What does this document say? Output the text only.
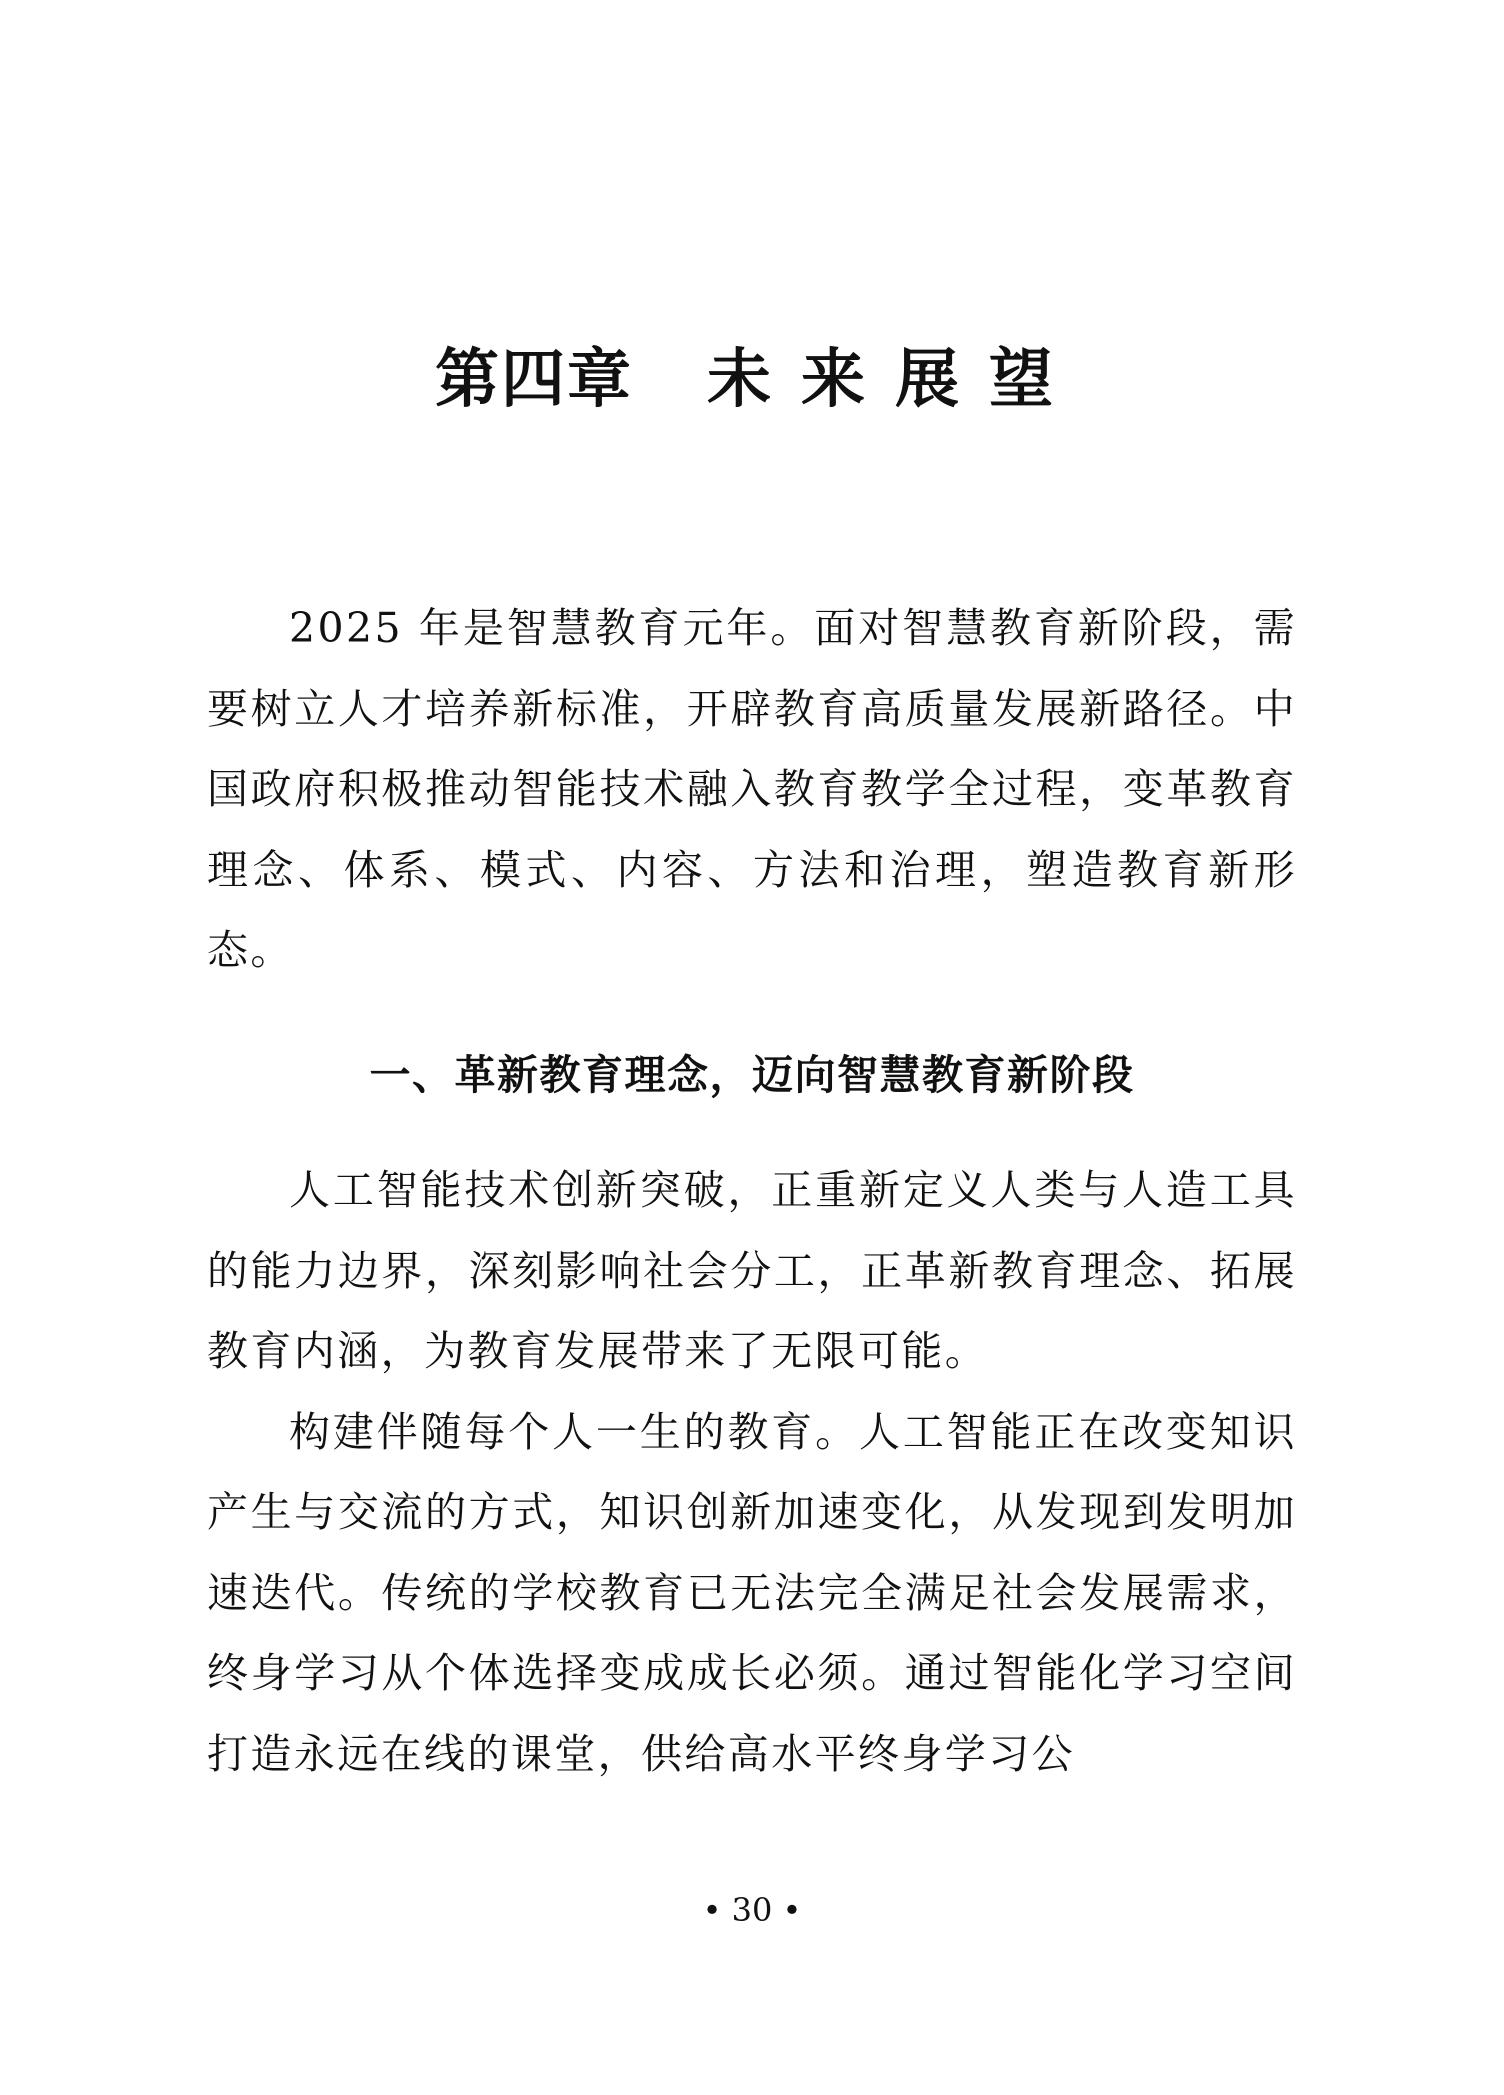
第四章 未 来 展 望

2025 年是智慧教育元年。面对智慧教育新阶段，需要树立人才培养新标准，开辟教育高质量发展新路径。中国政府积极推动智能技术融入教育教学全过程，变革教育理念、体系、模式、内容、方法和治理，塑造教育新形态。

一、革新教育理念，迈向智慧教育新阶段

人工智能技术创新突破，正重新定义人类与人造工具的能力边界，深刻影响社会分工，正革新教育理念、拓展教育内涵，为教育发展带来了无限可能。

构建伴随每个人一生的教育。人工智能正在改变知识产生与交流的方式，知识创新加速变化，从发现到发明加速迭代。传统的学校教育已无法完全满足社会发展需求，终身学习从个体选择变成成长必须。通过智能化学习空间打造永远在线的课堂，供给高水平终身学习公

• 30 •
